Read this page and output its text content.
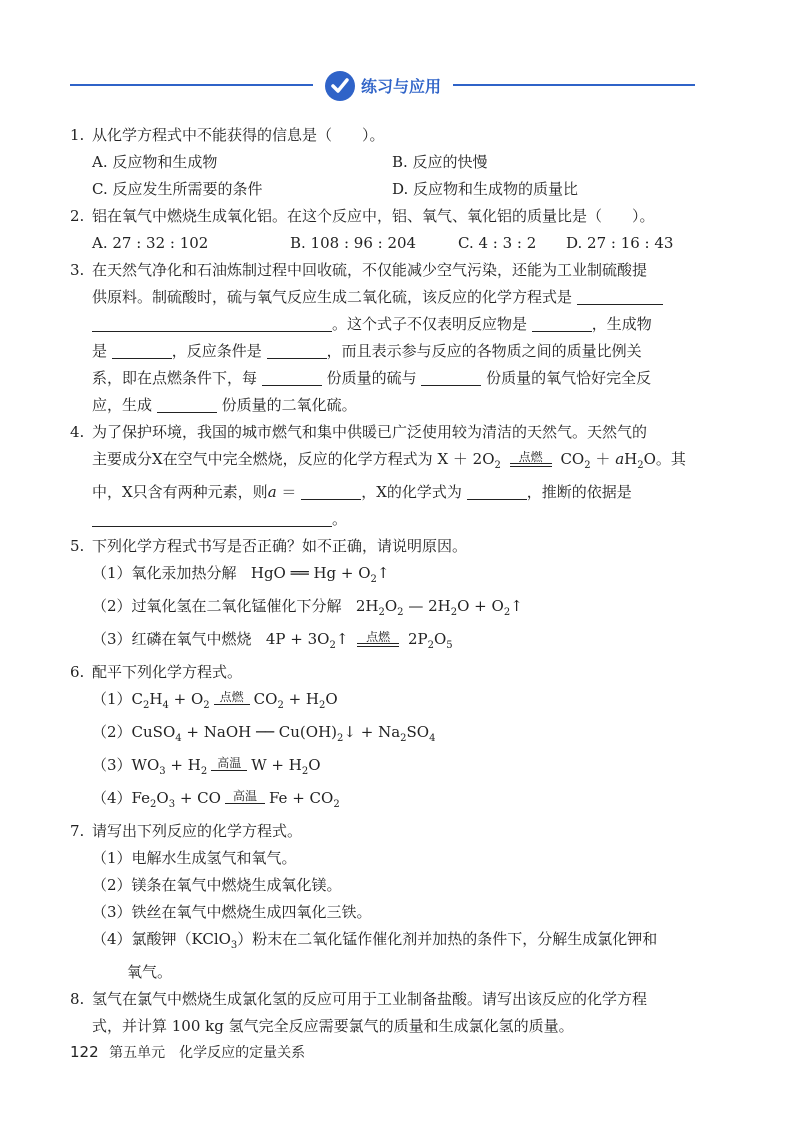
练习与应用
1. 从化学方程式中不能获得的信息是（　　）。
A. 反应物和生成物	B. 反应的快慢
C. 反应发生所需要的条件	D. 反应物和生成物的质量比
2. 铝在氧气中燃烧生成氧化铝。在这个反应中，铝、氧气、氧化铝的质量比是（　　）。
A. 27 : 32 : 102	B. 108 : 96 : 204	C. 4 : 3 : 2	D. 27 : 16 : 43
3. 在天然气净化和石油炼制过程中回收硫，不仅能减少空气污染，还能为工业制硫酸提
供原料。制硫酸时，硫与氧气反应生成二氧化硫，该反应的化学方程式是
。这个式子不仅表明反应物是	，生成物
是	，反应条件是	，而且表示参与反应的各物质之间的质量比例关
系，即在点燃条件下，每	份质量的硫与	份质量的氧气恰好完全反
应，生成	份质量的二氧化硫。
4. 为了保护环境，我国的城市燃气和集中供暖已广泛使用较为清洁的天然气。天然气的
主要成分X在空气中完全燃烧，反应的化学方程式为 $X + 2O_2$
点燃	$CO_2 + aH_2O$。其
中，X只含有两种元素，则a ＝	，X的化学式为	，推断的依据是
。
5. 下列化学方程式书写是否正确？如不正确，请说明原因。
（1）氧化汞加热分解 HgO ══ $Hg + O_2↑$
（2）过氧化氢在二氧化锰催化下分解 $2H_2O_2$ — $2H_2O$ + $O_2↑$
（3）红磷在氧气中燃烧 $4P + 3O_2↑$	点燃	$2P_2O_5$
6. 配平下列化学方程式。
$(1)C_2H_4 + O_2$
点燃 $CO_2 + H_2O$
（2）CuSO$_4$ + NaOH ── $Cu(OH)_2↓ + Na_2SO_4$
$(3)WO_3 + H_2$
高温 $W + H_2O$
$(4)Fe_2O_3$ + CO 高温 $Fe + CO_2$
7. 请写出下列反应的化学方程式。
（1）电解水生成氢气和氧气。
（2）镁条在氧气中燃烧生成氧化镁。
（3）铁丝在氧气中燃烧生成四氧化三铁。
（4）氯酸钾（KClO$_3$）粉末在二氧化锰作催化剂并加热的条件下，分解生成氯化钾和
氧气。
8. 氢气在氯气中燃烧生成氯化氢的反应可用于工业制备盐酸。请写出该反应的化学方程
式，并计算 100 kg 氢气完全反应需要氯气的质量和生成氯化氢的质量。
122 第五单元　化学反应的定量关系
